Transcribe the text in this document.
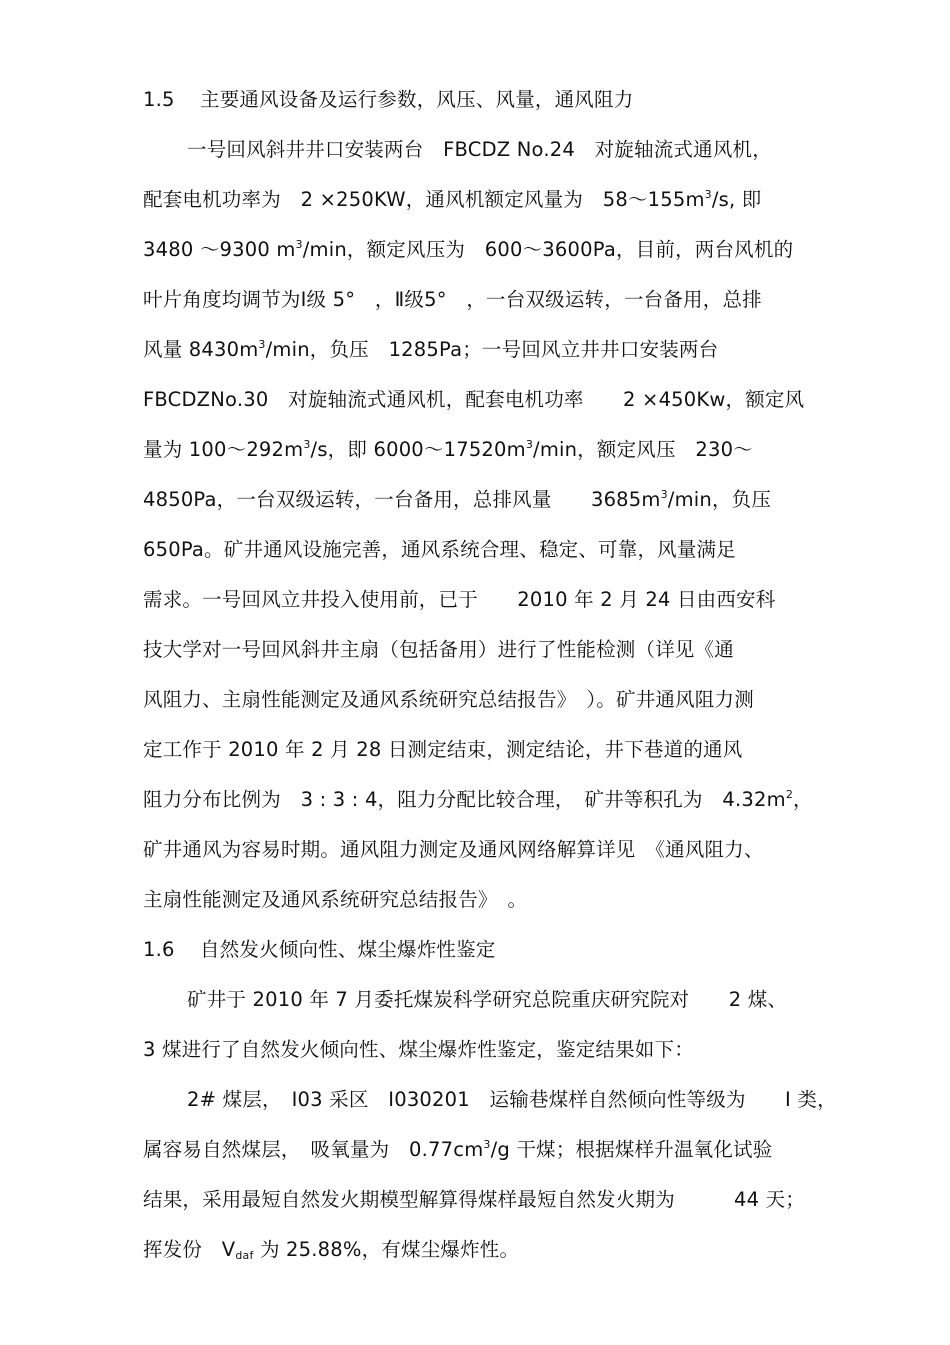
1.5 主要通风设备及运行参数，风压、风量，通风阻力
一号回风斜井井口安装两台　FBCDZ No.24　对旋轴流式通风机，
配套电机功率为　2 ×250KW，通风机额定风量为　$58\sim 155m^3/s$, 即
3480 ～9300 $m^3/\min$，额定风压为　600～3600Pa，目前，两台风机的
叶片角度均调节为Ⅰ级 5°　，Ⅱ级5°　，一台双级运转，一台备用，总排
风量 $8430m^3/\min$，负压　1285Pa；一号回风立井井口安装两台
FBCDZNo.30　对旋轴流式通风机，配套电机功率　　2 ×450Kw，额定风
量为 $100\sim 292m^3/s$，即 $6000\sim 17520m^3/\min$，额定风压　230～
4850Pa，一台双级运转，一台备用，总排风量　　$3685m^3/\min$，负压
650Pa。矿井通风设施完善，通风系统合理、稳定、可靠，风量满足
需求。一号回风立井投入使用前，已于　　2010 年 2 月 24 日由西安科
技大学对一号回风斜井主扇（包括备用）进行了性能检测（详见《通
风阻力、主扇性能测定及通风系统研究总结报告》　）。矿井通风阻力测
定工作于 2010 年 2 月 28 日测定结束，测定结论，井下巷道的通风
阻力分布比例为　3 : 3 : 4，阻力分配比较合理，　矿井等积孔为　$4.32m^2$，
矿井通风为容易时期。通风阻力测定及通风网络解算详见　《通风阻力、
主扇性能测定及通风系统研究总结报告》　。
1.6 自然发火倾向性、煤尘爆炸性鉴定
矿井于 2010 年 7 月委托煤炭科学研究总院重庆研究院对　　2 煤、
3 煤进行了自然发火倾向性、煤尘爆炸性鉴定，鉴定结果如下：
2# 煤层，　I03 采区　I030201　运输巷煤样自然倾向性等级为　　I 类，
属容易自然煤层，　吸氧量为　$0.77cm^3/g$ 干煤；根据煤样升温氧化试验
结果，采用最短自然发火期模型解算得煤样最短自然发火期为　　　44 天；
挥发份　$V_{daf}$ 为 25.88%，有煤尘爆炸性。
